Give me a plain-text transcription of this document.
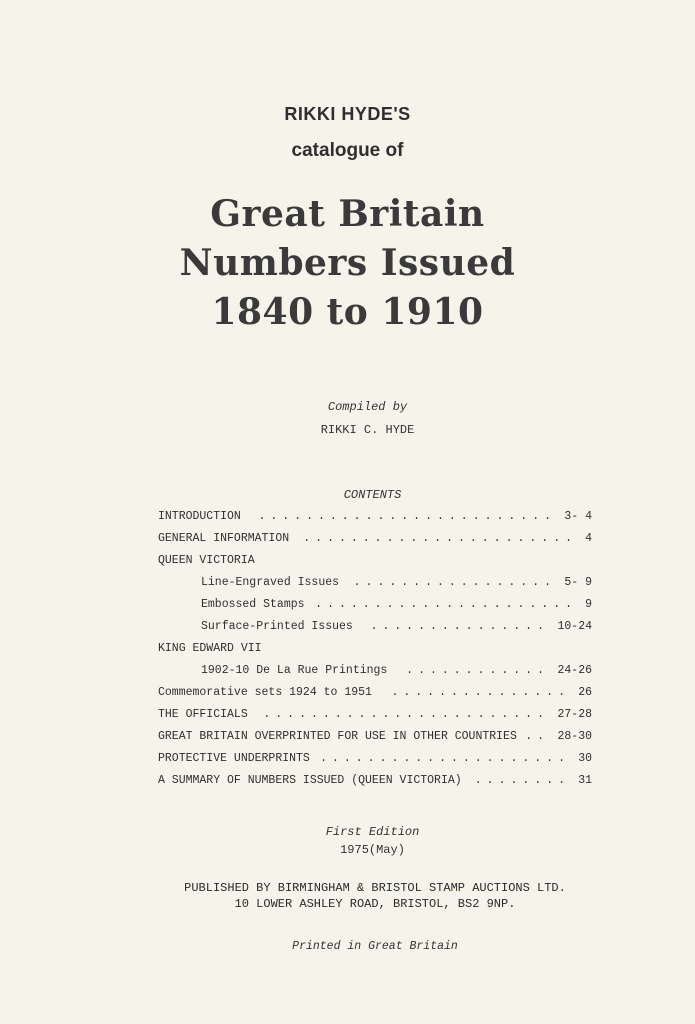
RIKKI HYDE'S
catalogue of
Great Britain
Numbers Issued
1840 to 1910
Compiled by
RIKKI C. HYDE
CONTENTS
INTRODUCTION	......................... 3- 4
GENERAL INFORMATION	....................... 4
QUEEN VICTORIA
Line-Engraved Issues	................. 5- 9
Embossed Stamps ...................... 9
Surface-Printed Issues	............... 10-24
KING EDWARD VII
1902-10 De La Rue Printings	............ 24-26
Commemorative sets 1924 to 1951	............... 26
THE OFFICIALS	........................ 27-28
GREAT BRITAIN OVERPRINTED FOR USE IN OTHER COUNTRIES .. 28-30
PROTECTIVE UNDERPRINTS ..................... 30
A SUMMARY OF NUMBERS ISSUED (QUEEN VICTORIA)	........ 31
First Edition
1975(May)
PUBLISHED BY BIRMINGHAM & BRISTOL STAMP AUCTIONS LTD.
10 LOWER ASHLEY ROAD, BRISTOL, BS2 9NP.
Printed in Great Britain
